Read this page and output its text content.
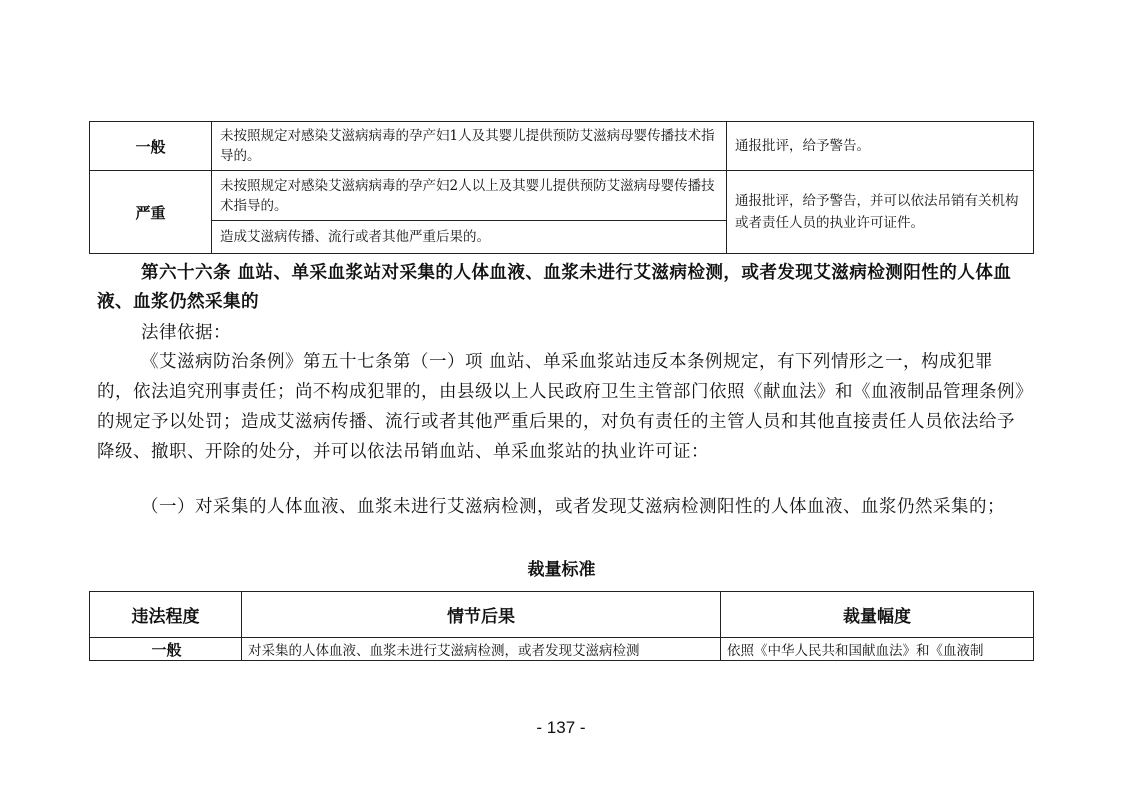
一般	未按照规定对感染艾滋病病毒的孕产妇1人及其婴儿提供预防艾滋病母婴传播技术指导的。	通报批评，给予警告。
严重	未按照规定对感染艾滋病病毒的孕产妇2人以上及其婴儿提供预防艾滋病母婴传播技术指导的。	通报批评，给予警告，并可以依法吊销有关机构或者责任人员的执业许可证件。
	造成艾滋病传播、流行或者其他严重后果的。	

第六十六条 血站、单采血浆站对采集的人体血液、血浆未进行艾滋病检测，或者发现艾滋病检测阳性的人体血液、血浆仍然采集的

法律依据：

《艾滋病防治条例》第五十七条第（一）项 血站、单采血浆站违反本条例规定，有下列情形之一，构成犯罪的，依法追究刑事责任；尚不构成犯罪的，由县级以上人民政府卫生主管部门依照《献血法》和《血液制品管理条例》的规定予以处罚；造成艾滋病传播、流行或者其他严重后果的，对负有责任的主管人员和其他直接责任人员依法给予降级、撤职、开除的处分，并可以依法吊销血站、单采血浆站的执业许可证：

（一）对采集的人体血液、血浆未进行艾滋病检测，或者发现艾滋病检测阳性的人体血液、血浆仍然采集的；

裁量标准

违法程度	情节后果	裁量幅度
一般	对采集的人体血液、血浆未进行艾滋病检测，或者发现艾滋病检测	依照《中华人民共和国献血法》和《血液制
- 137 -
